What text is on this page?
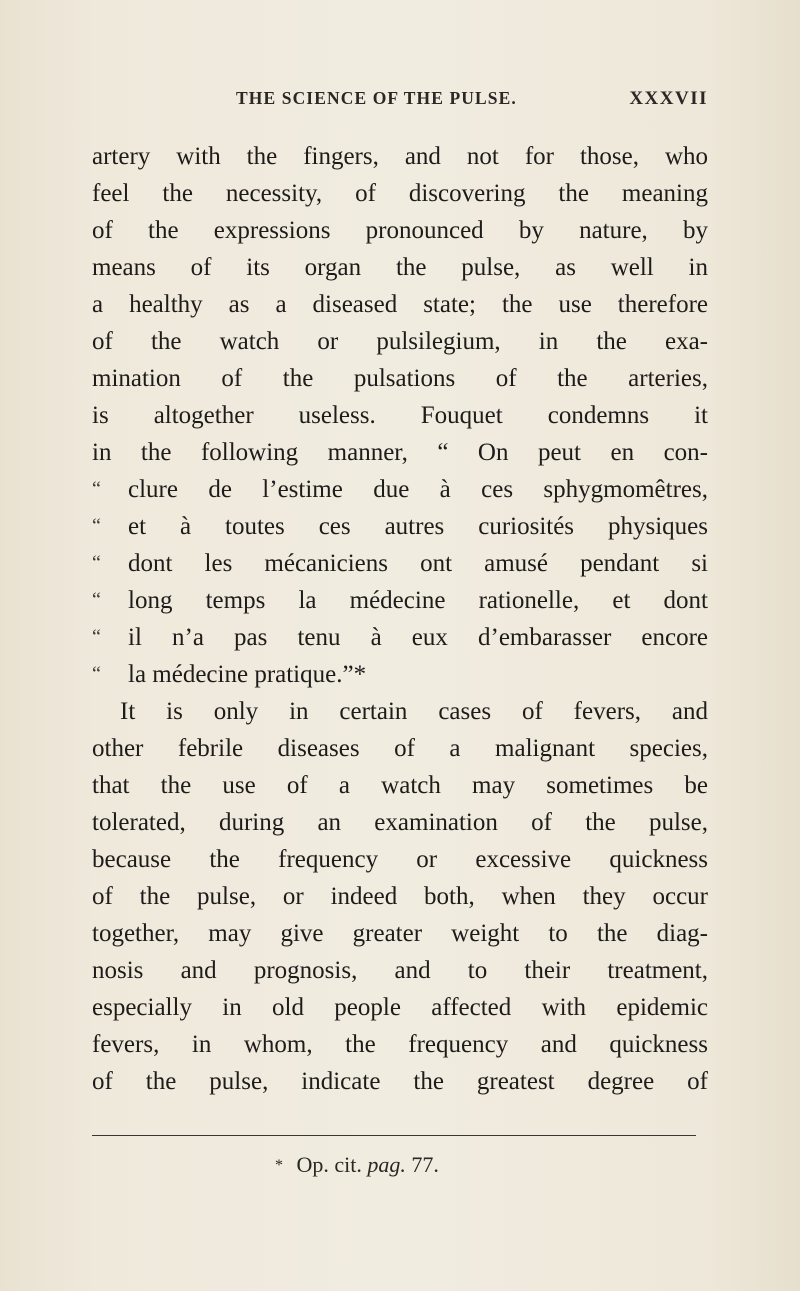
THE SCIENCE OF THE PULSE.	XXXVII
artery with the fingers, and not for those, who
feel the necessity, of discovering the meaning
of the expressions pronounced by nature, by
means of its organ the pulse, as well in
a healthy as a diseased state; the use therefore
of the watch or pulsilegium, in the exa-
mination of the pulsations of the arteries,
is altogether useless. Fouquet condemns it
in the following manner, “ On peut en con-
“	clure de l’estime due à ces sphygmomêtres,
“	et à toutes ces autres curiosités physiques
“	dont les mécaniciens ont amusé pendant si
“	long temps la médecine rationelle, et dont
“	il n’a pas tenu à eux d’embarasser encore
“	la médecine pratique.”*
It is only in certain cases of fevers, and
other febrile diseases of a malignant species,
that the use of a watch may sometimes be
tolerated, during an examination of the pulse,
because the frequency or excessive quickness
of the pulse, or indeed both, when they occur
together, may give greater weight to the diag-
nosis and prognosis, and to their treatment,
especially in old people affected with epidemic
fevers, in whom, the frequency and quickness
of the pulse, indicate the greatest degree of
* Op. cit. pag. 77.
